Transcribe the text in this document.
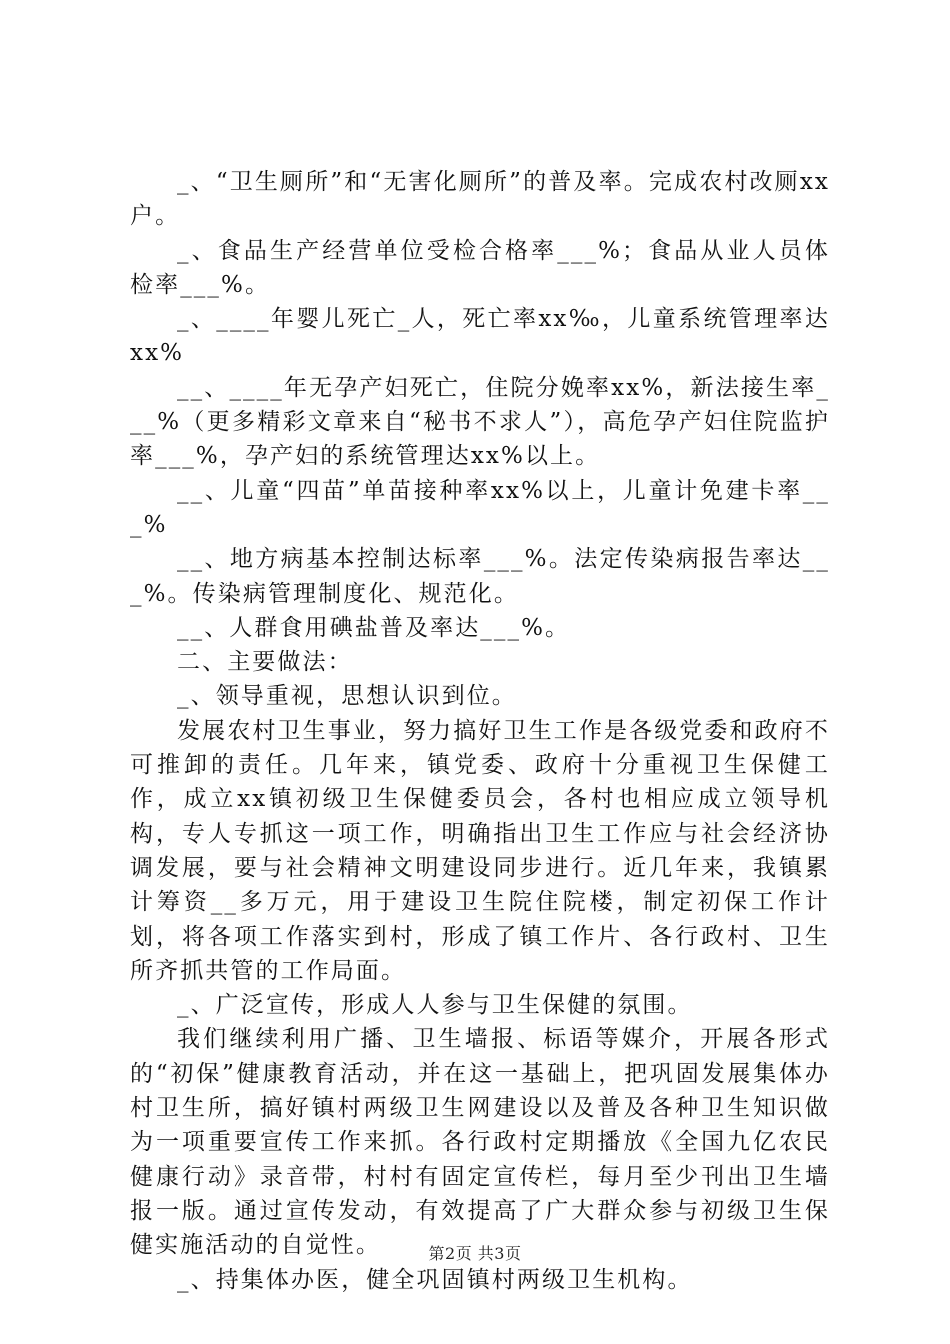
_、“卫生厕所”和“无害化厕所”的普及率。完成农村改厕xx户。

_、食品生产经营单位受检合格率___%；食品从业人员体检率___%。

_、____年婴儿死亡_人，死亡率xx‰，儿童系统管理率达xx%

__、____年无孕产妇死亡，住院分娩率xx%，新法接生率___%（更多精彩文章来自“秘书不求人”），高危孕产妇住院监护率___%，孕产妇的系统管理达xx%以上。

__、儿童“四苗”单苗接种率xx%以上，儿童计免建卡率___%

__、地方病基本控制达标率___%。法定传染病报告率达___%。传染病管理制度化、规范化。

__、人群食用碘盐普及率达___%。

二、主要做法：

_、领导重视，思想认识到位。

发展农村卫生事业，努力搞好卫生工作是各级党委和政府不可推卸的责任。几年来，镇党委、政府十分重视卫生保健工作，成立xx镇初级卫生保健委员会，各村也相应成立领导机构，专人专抓这一项工作，明确指出卫生工作应与社会经济协调发展，要与社会精神文明建设同步进行。近几年来，我镇累计筹资__多万元，用于建设卫生院住院楼，制定初保工作计划，将各项工作落实到村，形成了镇工作片、各行政村、卫生所齐抓共管的工作局面。

_、广泛宣传，形成人人参与卫生保健的氛围。

我们继续利用广播、卫生墙报、标语等媒介，开展各形式的“初保”健康教育活动，并在这一基础上，把巩固发展集体办村卫生所，搞好镇村两级卫生网建设以及普及各种卫生知识做为一项重要宣传工作来抓。各行政村定期播放《全国九亿农民健康行动》录音带，村村有固定宣传栏，每月至少刊出卫生墙报一版。通过宣传发动，有效提高了广大群众参与初级卫生保健实施活动的自觉性。

_、持集体办医，健全巩固镇村两级卫生机构。

第2页 共3页
